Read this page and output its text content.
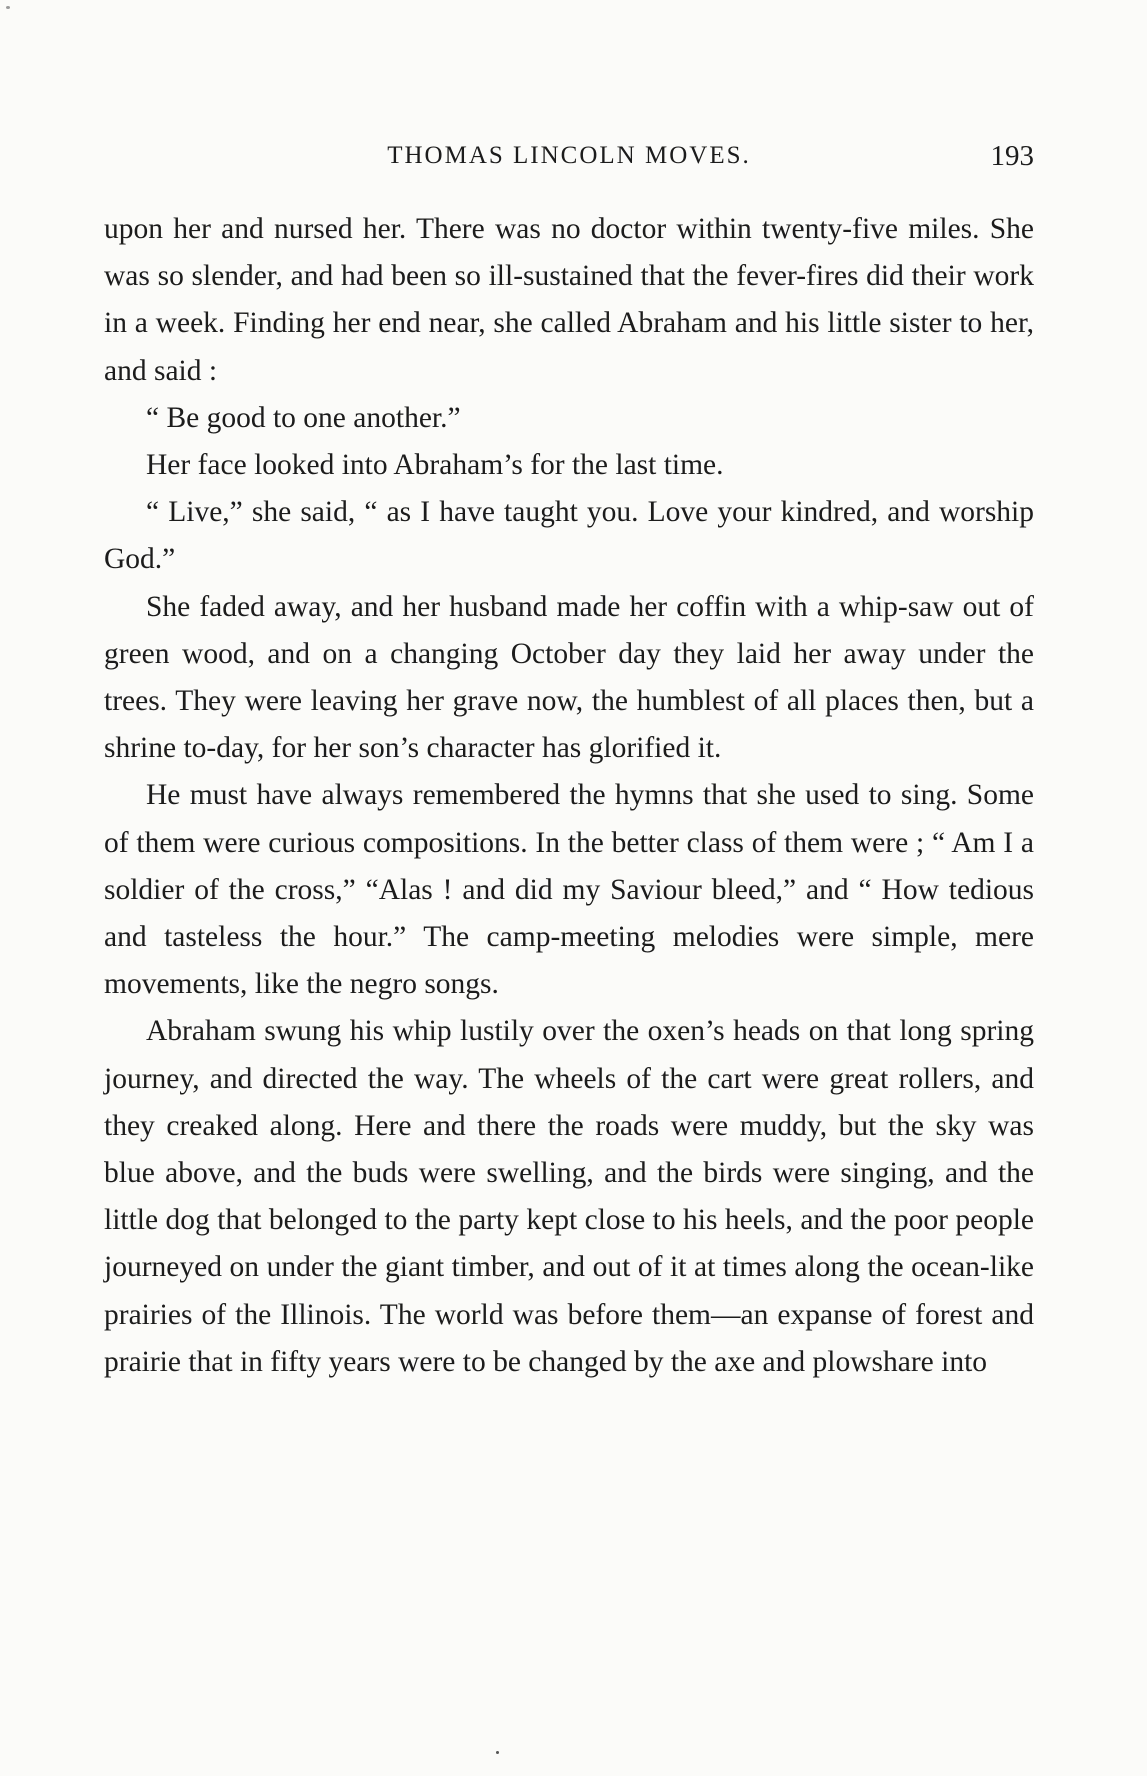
THOMAS LINCOLN MOVES.	193

upon her and nursed her. There was no doctor within twenty-five miles. She was so slender, and had been so ill-sustained that the fever-fires did their work in a week. Finding her end near, she called Abraham and his little sister to her, and said :

“ Be good to one another.”

Her face looked into Abraham’s for the last time.

“ Live,” she said, “ as I have taught you. Love your kindred, and worship God.”

She faded away, and her husband made her coffin with a whip-saw out of green wood, and on a changing October day they laid her away under the trees. They were leaving her grave now, the humblest of all places then, but a shrine to-day, for her son’s character has glorified it.

He must have always remembered the hymns that she used to sing. Some of them were curious compositions. In the better class of them were ; “ Am I a soldier of the cross,” “Alas ! and did my Saviour bleed,” and “ How tedious and tasteless the hour.” The camp-meeting melodies were simple, mere movements, like the negro songs.

Abraham swung his whip lustily over the oxen’s heads on that long spring journey, and directed the way. The wheels of the cart were great rollers, and they creaked along. Here and there the roads were muddy, but the sky was blue above, and the buds were swelling, and the birds were singing, and the little dog that belonged to the party kept close to his heels, and the poor people journeyed on under the giant timber, and out of it at times along the ocean-like prairies of the Illinois. The world was before them—an expanse of forest and prairie that in fifty years were to be changed by the axe and plowshare into
